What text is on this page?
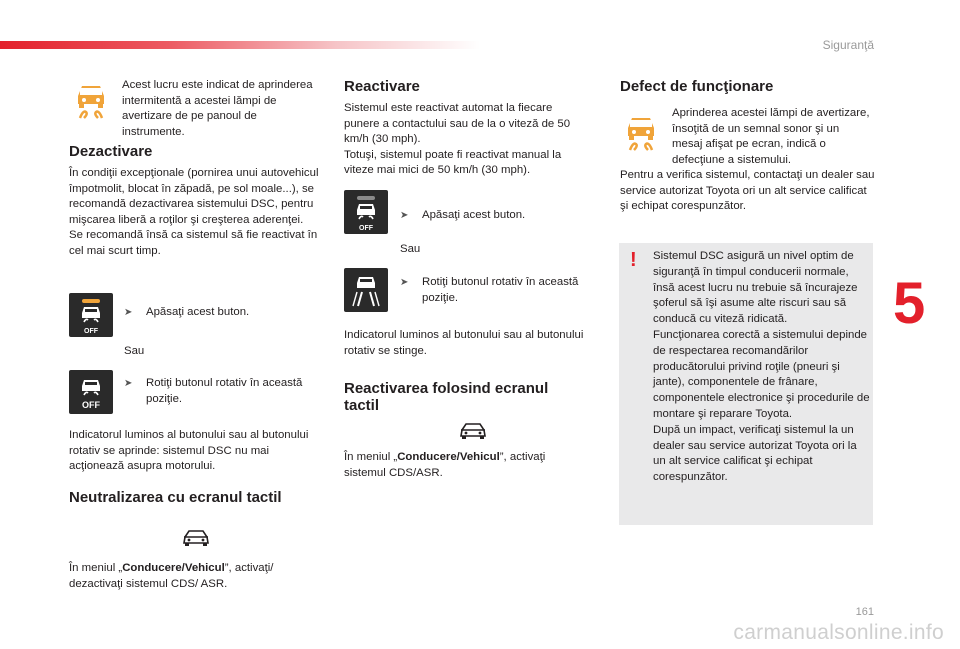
Siguranţă
5
161
carmanualsonline.info
Acest lucru este indicat de aprinderea intermitentă a acestei lămpi de avertizare de pe panoul de instrumente.
Dezactivare
În condiţii excepţionale (pornirea unui autovehicul împotmolit, blocat în zăpadă, pe sol moale...), se recomandă dezactivarea sistemului DSC, pentru mişcarea liberă a roţilor şi creşterea aderenţei.
Se recomandă însă ca sistemul să fie reactivat în cel mai scurt timp.
OFF
➤ Apăsaţi acest buton.
Sau
OFF
➤ Rotiţi butonul rotativ în această poziţie.
Indicatorul luminos al butonului sau al butonului rotativ se aprinde: sistemul DSC nu mai acţionează asupra motorului.
Neutralizarea cu ecranul tactil
În meniul „Conducere/Vehicul”, activaţi/ dezactivaţi sistemul CDS/ ASR.
Reactivare
Sistemul este reactivat automat la fiecare punere a contactului sau de la o viteză de 50 km/h (30 mph).
Totuşi, sistemul poate fi reactivat manual la viteze mai mici de 50 km/h (30 mph).
OFF
➤ Apăsaţi acest buton.
Sau
➤ Rotiţi butonul rotativ în această poziţie.
Indicatorul luminos al butonului sau al butonului rotativ se stinge.
Reactivarea folosind ecranul tactil
În meniul „Conducere/Vehicul”, activaţi sistemul CDS/ASR.
Defect de funcţionare
Aprinderea acestei lămpi de avertizare, însoţită de un semnal sonor şi un mesaj afişat pe ecran, indică o defecţiune a sistemului.
Pentru a verifica sistemul, contactaţi un dealer sau service autorizat Toyota ori un alt service calificat şi echipat corespunzător.
! Sistemul DSC asigură un nivel optim de siguranţă în timpul conducerii normale, însă acest lucru nu trebuie să încurajeze şoferul să îşi asume alte riscuri sau să conducă cu viteză ridicată.
Funcţionarea corectă a sistemului depinde de respectarea recomandărilor producătorului privind roţile (pneuri şi jante), componentele de frânare, componentele electronice şi procedurile de montare şi reparare Toyota.
După un impact, verificaţi sistemul la un dealer sau service autorizat Toyota ori la un alt service calificat şi echipat corespunzător.
